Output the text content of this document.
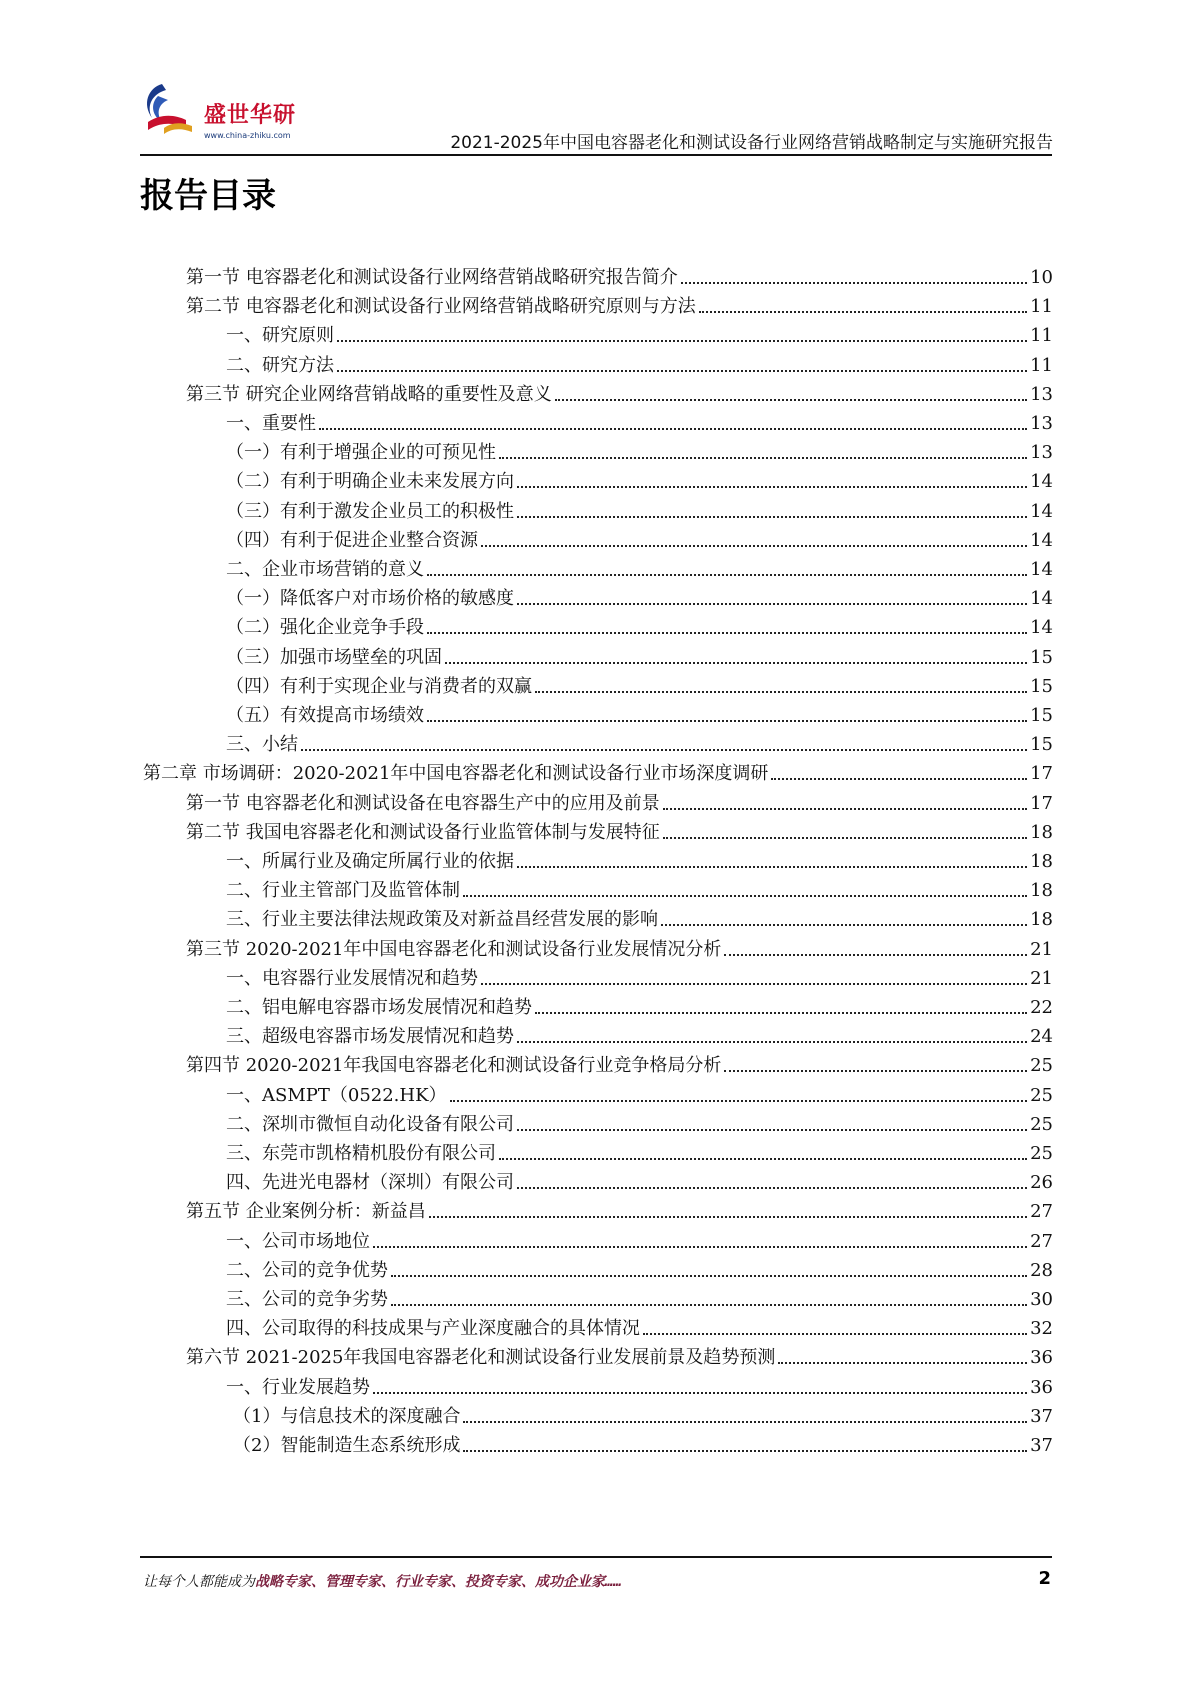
盛世华研
www.china-zhiku.com	2021-2025年中国电容器老化和测试设备行业网络营销战略制定与实施研究报告
报告目录
第一节 电容器老化和测试设备行业网络营销战略研究报告简介	10
第二节 电容器老化和测试设备行业网络营销战略研究原则与方法	11
一、研究原则	11
二、研究方法	11
第三节 研究企业网络营销战略的重要性及意义	13
一、重要性	13
（一）有利于增强企业的可预见性	13
（二）有利于明确企业未来发展方向	14
（三）有利于激发企业员工的积极性	14
（四）有利于促进企业整合资源	14
二、企业市场营销的意义	14
（一）降低客户对市场价格的敏感度	14
（二）强化企业竞争手段	14
（三）加强市场壁垒的巩固	15
（四）有利于实现企业与消费者的双赢	15
（五）有效提高市场绩效	15
三、小结	15
第二章 市场调研：2020-2021年中国电容器老化和测试设备行业市场深度调研	17
第一节 电容器老化和测试设备在电容器生产中的应用及前景	17
第二节 我国电容器老化和测试设备行业监管体制与发展特征	18
一、所属行业及确定所属行业的依据	18
二、行业主管部门及监管体制	18
三、行业主要法律法规政策及对新益昌经营发展的影响	18
第三节 2020-2021年中国电容器老化和测试设备行业发展情况分析	21
一、电容器行业发展情况和趋势	21
二、铝电解电容器市场发展情况和趋势	22
三、超级电容器市场发展情况和趋势	24
第四节 2020-2021年我国电容器老化和测试设备行业竞争格局分析	25
一、ASMPT（0522.HK）	25
二、深圳市微恒自动化设备有限公司	25
三、东莞市凯格精机股份有限公司	25
四、先进光电器材（深圳）有限公司	26
第五节 企业案例分析：新益昌	27
一、公司市场地位	27
二、公司的竞争优势	28
三、公司的竞争劣势	30
四、公司取得的科技成果与产业深度融合的具体情况	32
第六节 2021-2025年我国电容器老化和测试设备行业发展前景及趋势预测	36
一、行业发展趋势	36
（1）与信息技术的深度融合	37
（2）智能制造生态系统形成	37
让每个人都能成为战略专家、管理专家、行业专家、投资专家、成功企业家……	2
